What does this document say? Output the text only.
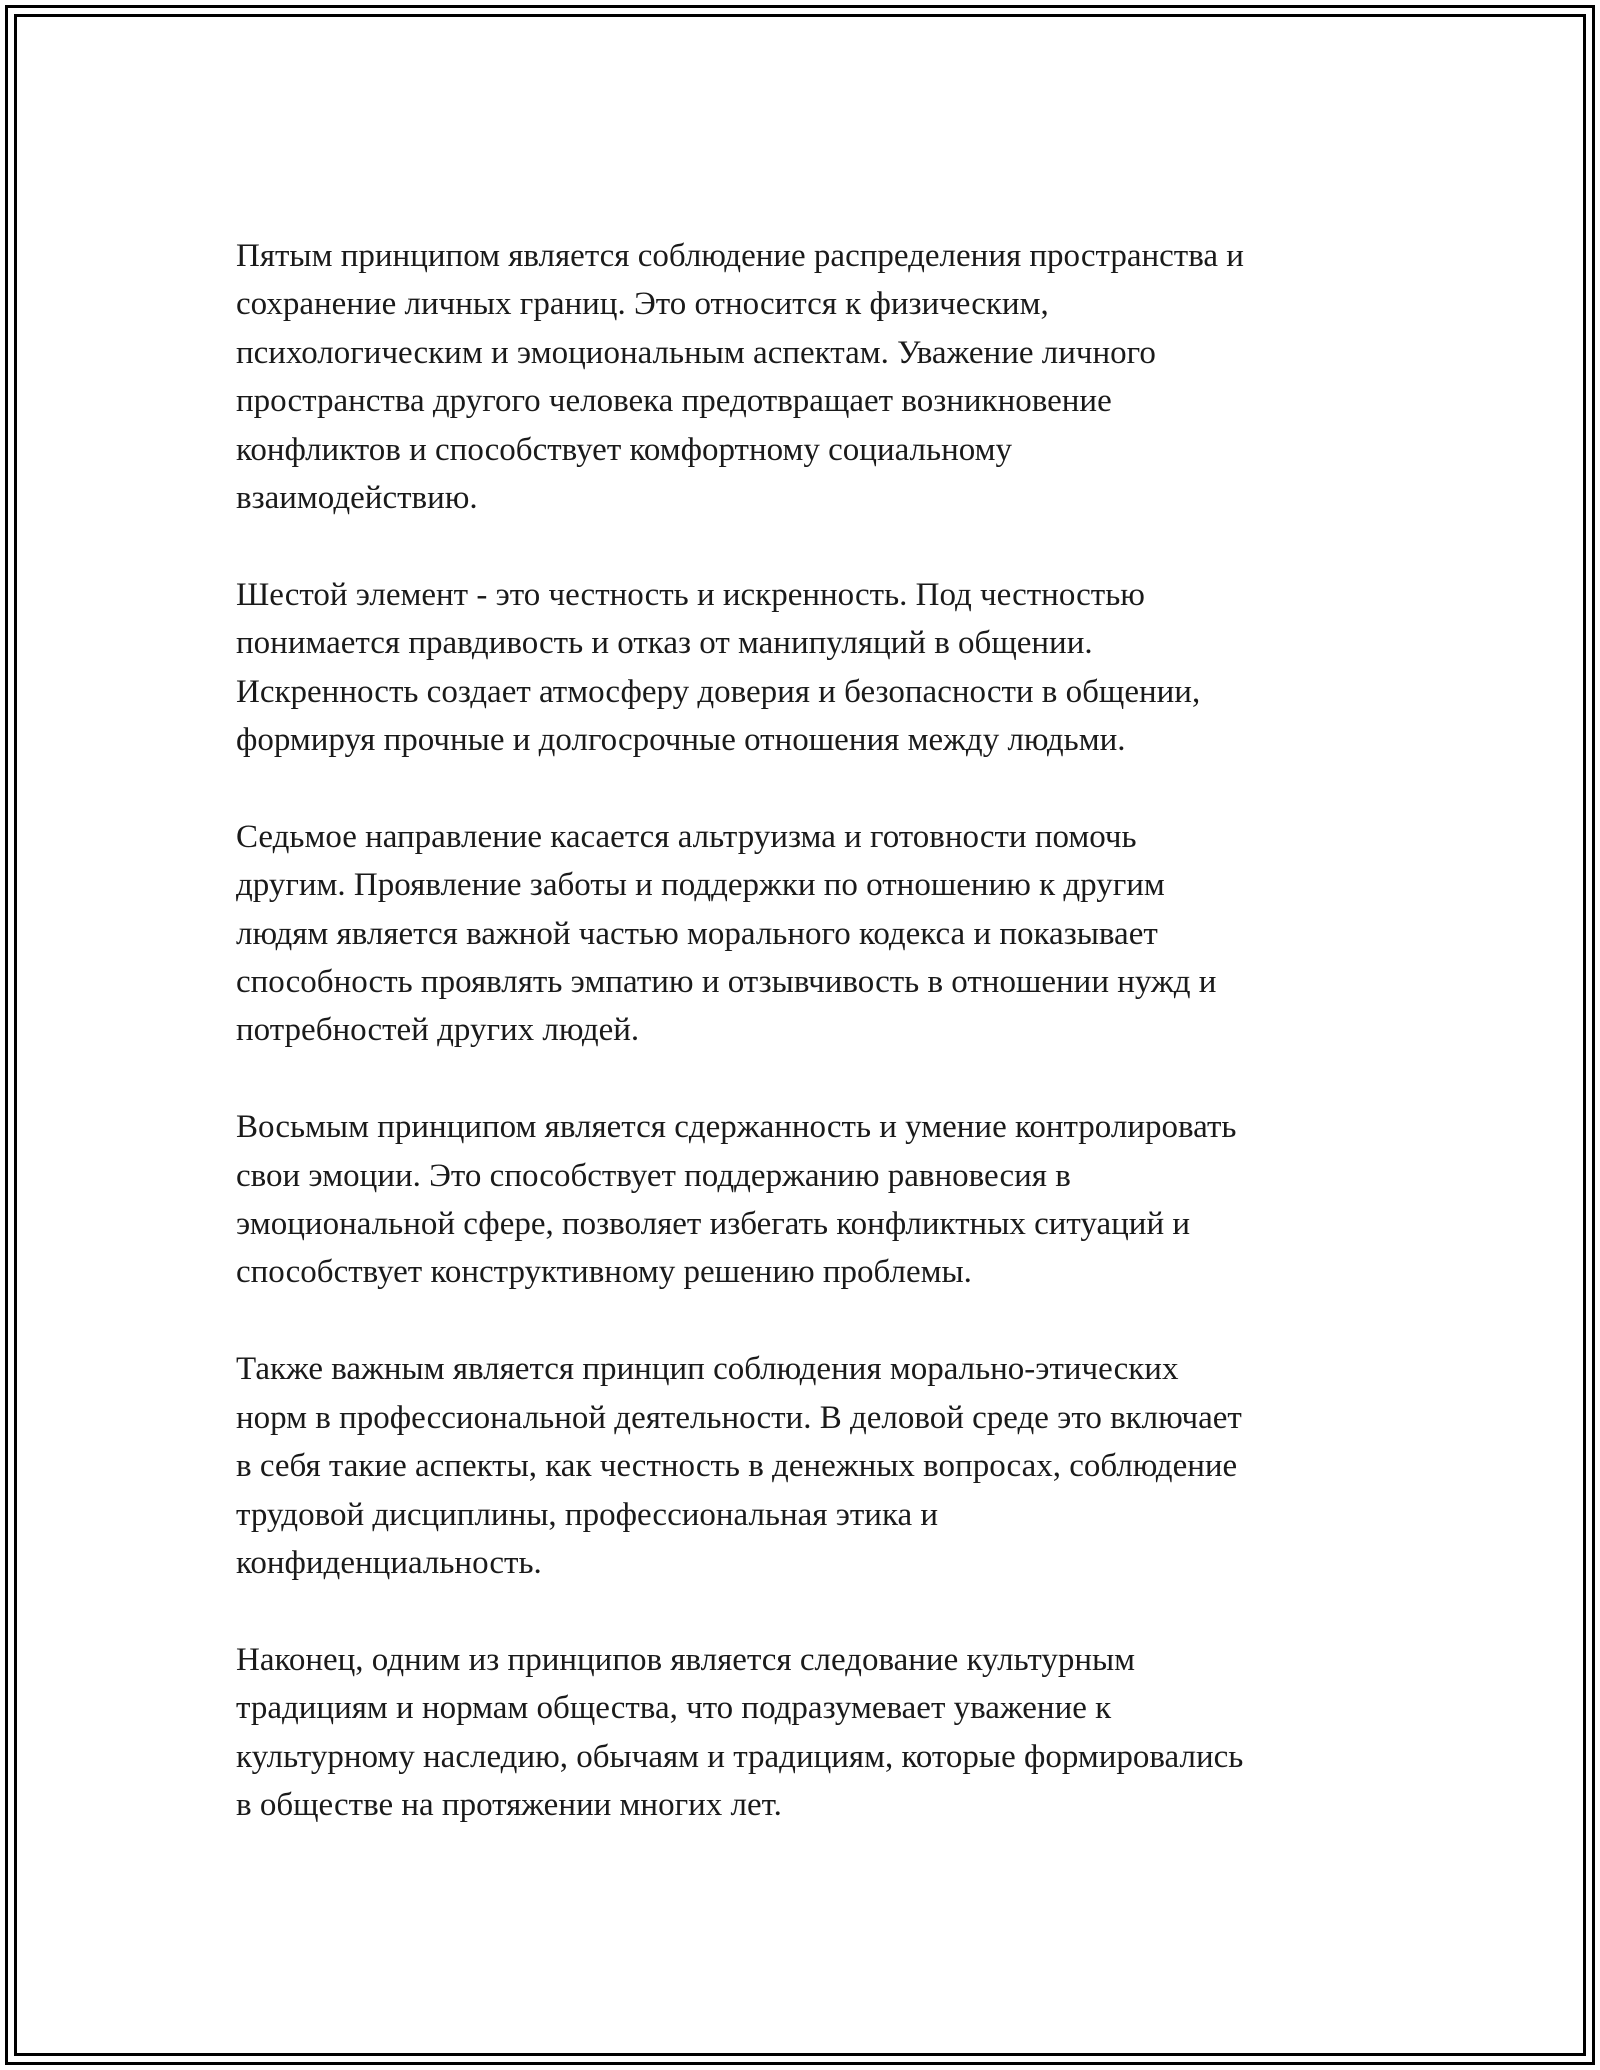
Пятым принципом является соблюдение распределения пространства и
сохранение личных границ. Это относится к физическим,
психологическим и эмоциональным аспектам. Уважение личного
пространства другого человека предотвращает возникновение
конфликтов и способствует комфортному социальному
взаимодействию.

Шестой элемент - это честность и искренность. Под честностью
понимается правдивость и отказ от манипуляций в общении.
Искренность создает атмосферу доверия и безопасности в общении,
формируя прочные и долгосрочные отношения между людьми.

Седьмое направление касается альтруизма и готовности помочь
другим. Проявление заботы и поддержки по отношению к другим
людям является важной частью морального кодекса и показывает
способность проявлять эмпатию и отзывчивость в отношении нужд и
потребностей других людей.

Восьмым принципом является сдержанность и умение контролировать
свои эмоции. Это способствует поддержанию равновесия в
эмоциональной сфере, позволяет избегать конфликтных ситуаций и
способствует конструктивному решению проблемы.

Также важным является принцип соблюдения морально-этических
норм в профессиональной деятельности. В деловой среде это включает
в себя такие аспекты, как честность в денежных вопросах, соблюдение
трудовой дисциплины, профессиональная этика и
конфиденциальность.

Наконец, одним из принципов является следование культурным
традициям и нормам общества, что подразумевает уважение к
культурному наследию, обычаям и традициям, которые формировались
в обществе на протяжении многих лет.
